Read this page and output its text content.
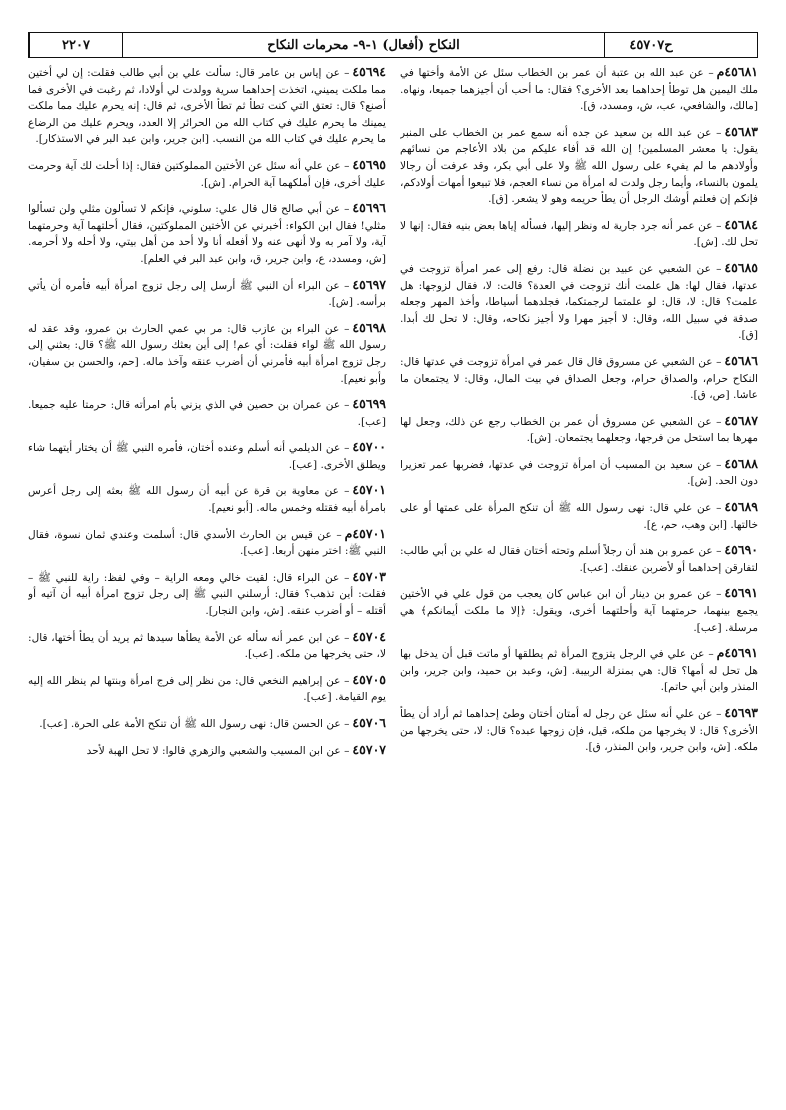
٢٢٠٧	النكاح (أفعال) ١-٩- محرمات النكاح	ح٤٥٧٠٧

٤٥٦٨١م– عن عبد الله بن عتبة أن عمر بن الخطاب سئل عن الأمة وأختها في ملك اليمين هل توطأ إحداهما بعد الأخرى؟ فقال: ما أحب أن أجيزهما جميعا، ونهاه. [مالك، والشافعي، عب، ش، ومسدد، ق].

٤٥٦٨٣– عن عبد الله بن سعيد عن جده أنه سمع عمر بن الخطاب على المنبر يقول: يا معشر المسلمين! إن الله قد أفاء عليكم من بلاد الأعاجم من نسائهم وأولادهم ما لم يفيء على رسول الله ﷺ ولا على أبي بكر، وقد عرفت أن رجالا يلمون بالنساء، وأيما رجل ولدت له امرأة من نساء العجم، فلا تبيعوا أمهات أولادكم، فإنكم إن فعلتم أوشك الرجل أن يطأ حريمه وهو لا يشعر. [ق].

٤٥٦٨٤– عن عمر أنه جرد جارية له ونظر إليها، فسأله إياها بعض بنيه فقال: إنها لا تحل لك. [ش].

٤٥٦٨٥– عن الشعبي عن عبيد بن نضلة قال: رفع إلى عمر امرأة تزوجت في عدتها، فقال لها: هل علمت أنك تزوجت في العدة؟ قالت: لا، فقال لزوجها: هل علمت؟ قال: لا، قال: لو علمتما لرجمتكما، فجلدهما أسياطا، وأخذ المهر وجعله صدقة في سبيل الله، وقال: لا أجيز مهرا ولا أجيز نكاحه، وقال: لا تحل لك أبدا. [ق].

٤٥٦٨٦– عن الشعبي عن مسروق قال قال عمر في امرأة تزوجت في عدتها قال: النكاح حرام، والصداق حرام، وجعل الصداق في بيت المال، وقال: لا يجتمعان ما عاشا. [ص، ق].

٤٥٦٨٧– عن الشعبي عن مسروق أن عمر بن الخطاب رجع عن ذلك، وجعل لها مهرها بما استحل من فرجها، وجعلهما يجتمعان. [ش].

٤٥٦٨٨– عن سعيد بن المسيب أن امرأة تزوجت في عدتها، فضربها عمر تعزيرا دون الحد. [ش].

٤٥٦٨٩– عن علي قال: نهى رسول الله ﷺ أن تنكح المرأة على عمتها أو على خالتها. [ابن وهب، حم، ع].

٤٥٦٩٠– عن عمرو بن هند أن رجلاً أسلم وتحته أختان فقال له علي بن أبي طالب: لتفارقن إحداهما أو لأضربن عنقك. [عب].

٤٥٦٩١– عن عمرو بن دينار أن ابن عباس كان يعجب من قول علي في الأختين يجمع بينهما، حرمتهما آية وأحلتهما أخرى، ويقول: ﴿إلا ما ملكت أيمانكم﴾ هي مرسلة. [عب].

٤٥٦٩١م– عن علي في الرجل يتزوج المرأة ثم يطلقها أو ماتت قبل أن يدخل بها هل تحل له أمها؟ قال: هي بمنزلة الربيبة. [ش، وعبد بن حميد، وابن جرير، وابن المنذر وابن أبي حاتم].

٤٥٦٩٣– عن علي أنه سئل عن رجل له أمتان أختان وطئ إحداهما ثم أراد أن يطأ الأخرى؟ قال: لا يخرجها من ملكه، قيل، فإن زوجها عبده؟ قال: لا، حتى يخرجها من ملكه. [ش، وابن جرير، وابن المنذر، ق].

٤٥٦٩٤– عن إياس بن عامر قال: سألت علي بن أبي طالب فقلت: إن لي أختين مما ملكت يميني، اتخذت إحداهما سرية وولدت لي أولادا، ثم رغبت في الأخرى فما أصنع؟ قال: تعتق التي كنت تطأ ثم تطأ الأخرى، ثم قال: إنه يحرم عليك مما ملكت يمينك ما يحرم عليك في كتاب الله من الحرائر إلا العدد، ويحرم عليك من الرضاع ما يحرم عليك في كتاب الله من النسب. [ابن جرير، وابن عبد البر في الاستذكار].

٤٥٦٩٥– عن علي أنه سئل عن الأختين المملوكتين فقال: إذا أحلت لك آية وحرمت عليك أخرى، فإن أملكهما آية الحرام. [ش].

٤٥٦٩٦– عن أبي صالح قال قال علي: سلوني، فإنكم لا تسألون مثلي ولن تسألوا مثلي! فقال ابن الكواء: أخبرني عن الأختين المملوكتين، فقال أحلتهما آية وحرمتهما آية، ولا آمر به ولا أنهى عنه ولا أفعله أنا ولا أحد من أهل بيتي، ولا أحله ولا أحرمه. [ش، ومسدد، ع، وابن جرير، ق، وابن عبد البر في العلم].

٤٥٦٩٧– عن البراء أن النبي ﷺ أرسل إلى رجل تزوج امرأة أبيه فأمره أن يأتي برأسه. [ش].

٤٥٦٩٨– عن البراء بن عازب قال: مر بي عمي الحارث بن عمرو، وقد عقد له رسول الله ﷺ لواء فقلت: أي عم! إلى أين بعثك رسول الله ﷺ؟ قال: بعثني إلى رجل تزوج امرأة أبيه فأمرني أن أضرب عنقه وآخذ ماله. [حم، والحسن بن سفيان، وأبو نعيم].

٤٥٦٩٩– عن عمران بن حصين في الذي يزني بأم امرأته قال: حرمتا عليه جميعا. [عب].

٤٥٧٠٠– عن الديلمي أنه أسلم وعنده أختان، فأمره النبي ﷺ أن يختار أيتهما شاء ويطلق الأخرى. [عب].

٤٥٧٠١– عن معاوية بن قرة عن أبيه أن رسول الله ﷺ بعثه إلى رجل أعرس بامرأة أبيه فقتله وخمس ماله. [أبو نعيم].

٤٥٧٠١م– عن قيس بن الحارث الأسدي قال: أسلمت وعندي ثمان نسوة، فقال النبي ﷺ: اختر منهن أربعا. [عب].

٤٥٧٠٣– عن البراء قال: لقيت خالي ومعه الراية – وفي لفظ: راية للنبي ﷺ – فقلت: أين تذهب؟ فقال: أرسلني النبي ﷺ إلى رجل تزوج امرأة أبيه أن آتيه أو أقتله – أو أضرب عنقه. [ش، وابن النجار].

٤٥٧٠٤– عن ابن عمر أنه سأله عن الأمة يطأها سيدها ثم يريد أن يطأ أختها، قال: لا، حتى يخرجها من ملكه. [عب].

٤٥٧٠٥– عن إبراهيم النخعي قال: من نظر إلى فرج امرأة وبنتها لم ينظر الله إليه يوم القيامة. [عب].

٤٥٧٠٦– عن الحسن قال: نهى رسول الله ﷺ أن تنكح الأمة على الحرة. [عب].

٤٥٧٠٧– عن ابن المسيب والشعبي والزهري قالوا: لا تحل الهبة لأحد
